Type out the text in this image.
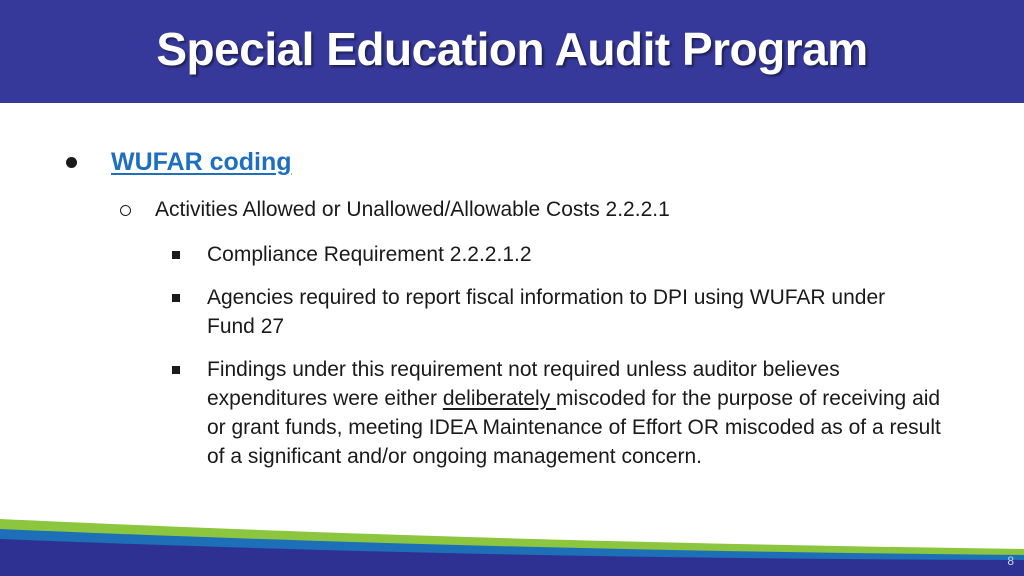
Special Education Audit Program
WUFAR coding
Activities Allowed or Unallowed/Allowable Costs 2.2.2.1
Compliance Requirement 2.2.2.1.2
Agencies required to report fiscal information to DPI using WUFAR under Fund 27
Findings under this requirement not required unless auditor believes expenditures were either deliberately miscoded for the purpose of receiving aid or grant funds, meeting IDEA Maintenance of Effort OR miscoded as of a result of a significant and/or ongoing management concern.
8
